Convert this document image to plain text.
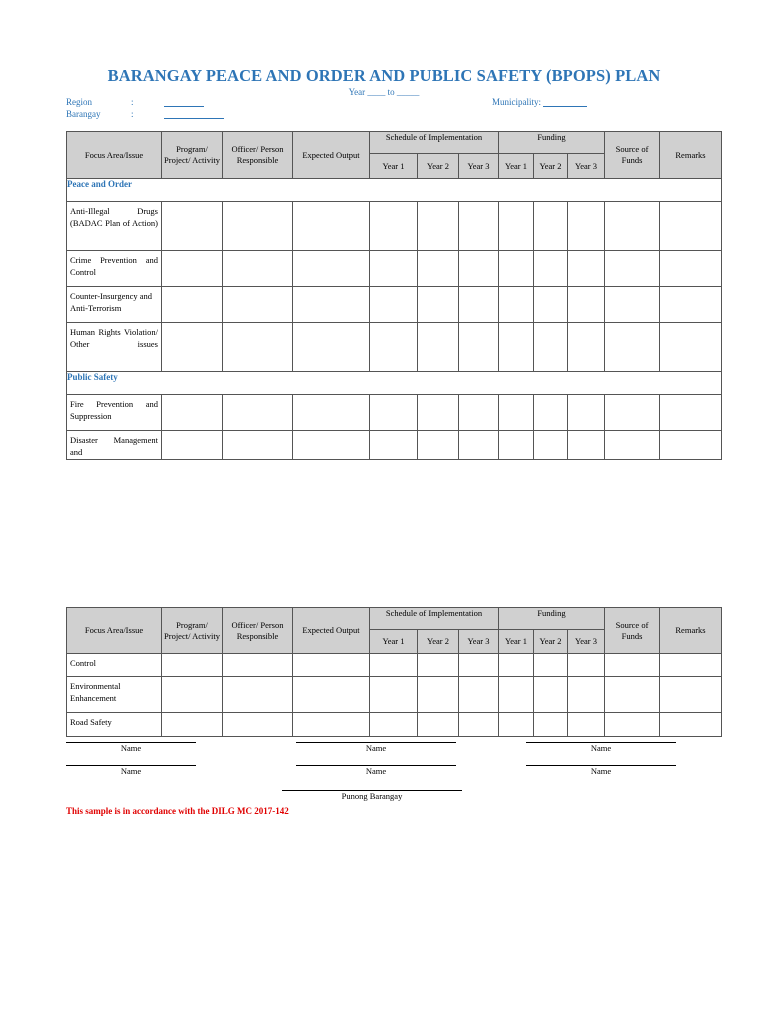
BARANGAY PEACE AND ORDER AND PUBLIC SAFETY (BPOPS) PLAN
Year ____ to _____
Region	:
Barangay	:
Municipality:
Focus Area/Issue	Program/ Project/ Activity	Officer/ Person Responsible	Expected Output	Schedule of Implementation			Funding			Source of Funds	Remarks
				Year 1	Year 2	Year 3	Year 1	Year 2	Year 3		
Peace and Order											
Anti-Illegal Drugs (BADAC Plan of Action)											
Crime Prevention and Control											
Counter-Insurgency and Anti-Terrorism											
Human Rights Violation/ Other issues											
Public Safety											
Fire Prevention and Suppression											
Disaster Management and											
Focus Area/Issue	Program/ Project/ Activity	Officer/ Person Responsible	Expected Output	Schedule of Implementation			Funding			Source of Funds	Remarks
				Year 1	Year 2	Year 3	Year 1	Year 2	Year 3		
Control											
Environmental Enhancement											
Road Safety											
Name	Name	Name
Name	Name	Name
Punong Barangay
This sample is in accordance with the DILG MC 2017-142
